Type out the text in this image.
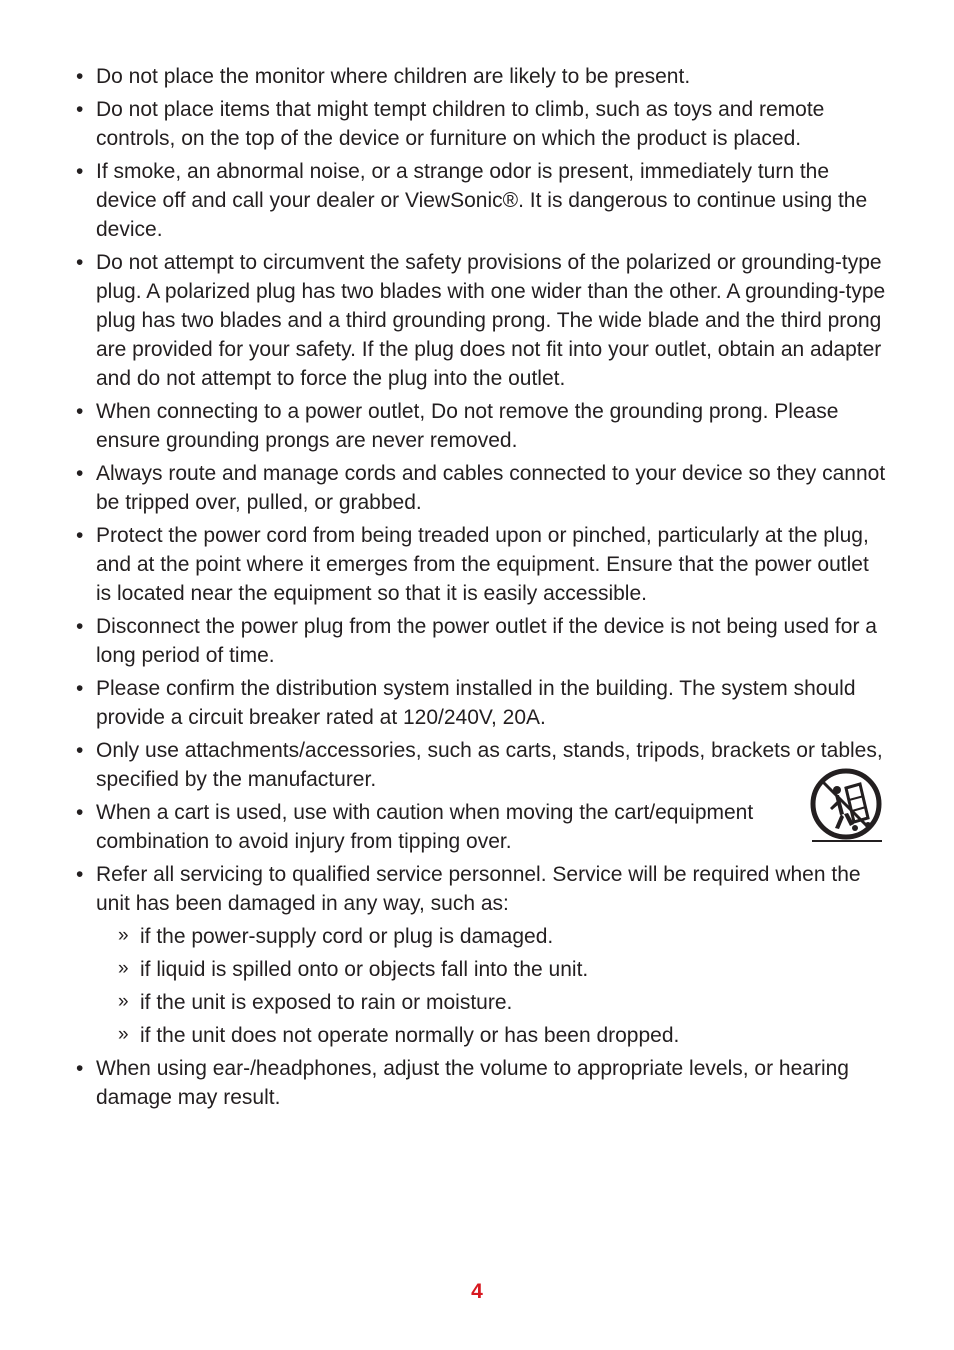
• Do not place the monitor where children are likely to be present.
• Do not place items that might tempt children to climb, such as toys and remote controls, on the top of the device or furniture on which the product is placed.
• If smoke, an abnormal noise, or a strange odor is present, immediately turn the device off and call your dealer or ViewSonic®. It is dangerous to continue using the device.
• Do not attempt to circumvent the safety provisions of the polarized or grounding-type plug. A polarized plug has two blades with one wider than the other. A grounding-type plug has two blades and a third grounding prong. The wide blade and the third prong are provided for your safety. If the plug does not fit into your outlet, obtain an adapter and do not attempt to force the plug into the outlet.
• When connecting to a power outlet, Do not remove the grounding prong. Please ensure grounding prongs are never removed.
• Always route and manage cords and cables connected to your device so they cannot be tripped over, pulled, or grabbed.
• Protect the power cord from being treaded upon or pinched, particularly at the plug, and at the point where it emerges from the equipment. Ensure that the power outlet is located near the equipment so that it is easily accessible.
• Disconnect the power plug from the power outlet if the device is not being used for a long period of time.
• Please confirm the distribution system installed in the building. The system should provide a circuit breaker rated at 120/240V, 20A.
• Only use attachments/accessories, such as carts, stands, tripods, brackets or tables, specified by the manufacturer.
• When a cart is used, use with caution when moving the cart/equipment combination to avoid injury from tipping over.
• Refer all servicing to qualified service personnel. Service will be required when the unit has been damaged in any way, such as:
» if the power-supply cord or plug is damaged.
» if liquid is spilled onto or objects fall into the unit.
» if the unit is exposed to rain or moisture.
» if the unit does not operate normally or has been dropped.
• When using ear-/headphones, adjust the volume to appropriate levels, or hearing damage may result.
4
